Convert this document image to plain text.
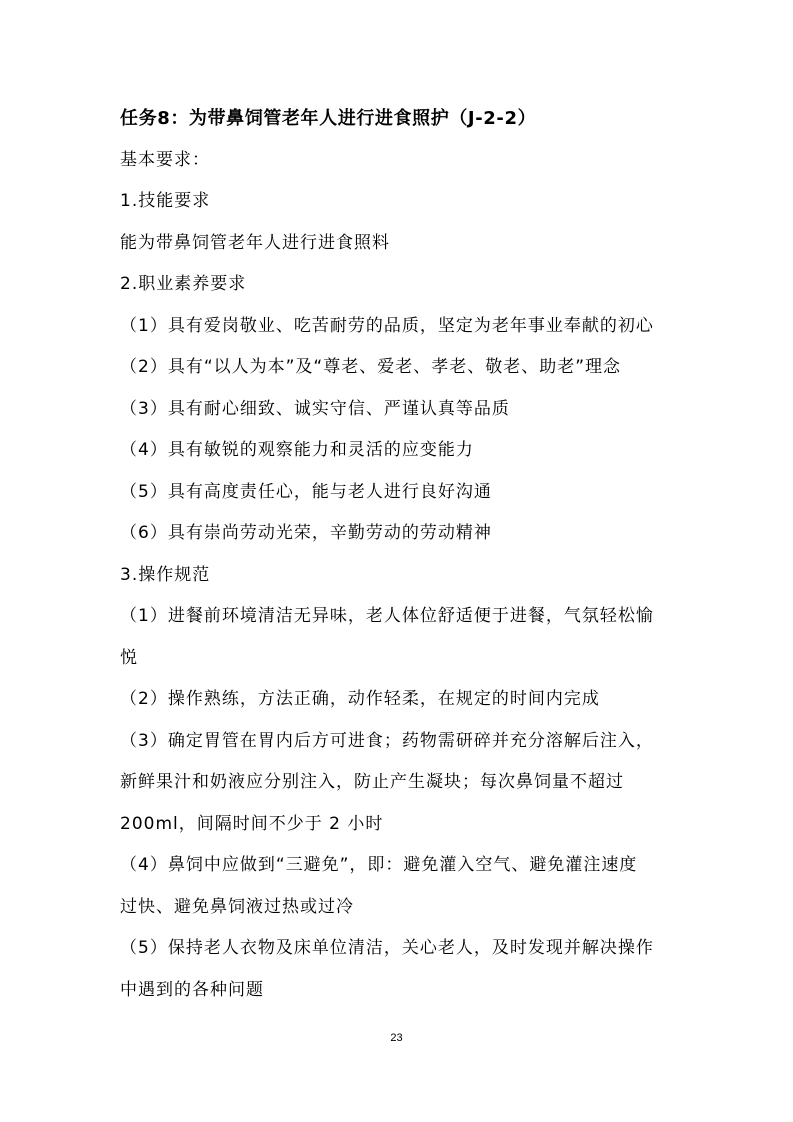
任务8：为带鼻饲管老年人进行进食照护（J-2-2）
基本要求：
1.技能要求
能为带鼻饲管老年人进行进食照料
2.职业素养要求
（1）具有爱岗敬业、吃苦耐劳的品质，坚定为老年事业奉献的初心
（2）具有“以人为本”及“尊老、爱老、孝老、敬老、助老”理念
（3）具有耐心细致、诚实守信、严谨认真等品质
（4）具有敏锐的观察能力和灵活的应变能力
（5）具有高度责任心，能与老人进行良好沟通
（6）具有崇尚劳动光荣，辛勤劳动的劳动精神
3.操作规范
（1）进餐前环境清洁无异味，老人体位舒适便于进餐，气氛轻松愉
悦
（2）操作熟练，方法正确，动作轻柔，在规定的时间内完成
（3）确定胃管在胃内后方可进食；药物需研碎并充分溶解后注入，
新鲜果汁和奶液应分别注入，防止产生凝块；每次鼻饲量不超过
200ml，间隔时间不少于 2 小时
（4）鼻饲中应做到“三避免”，即：避免灌入空气、避免灌注速度
过快、避免鼻饲液过热或过冷
（5）保持老人衣物及床单位清洁，关心老人，及时发现并解决操作
中遇到的各种问题
23
